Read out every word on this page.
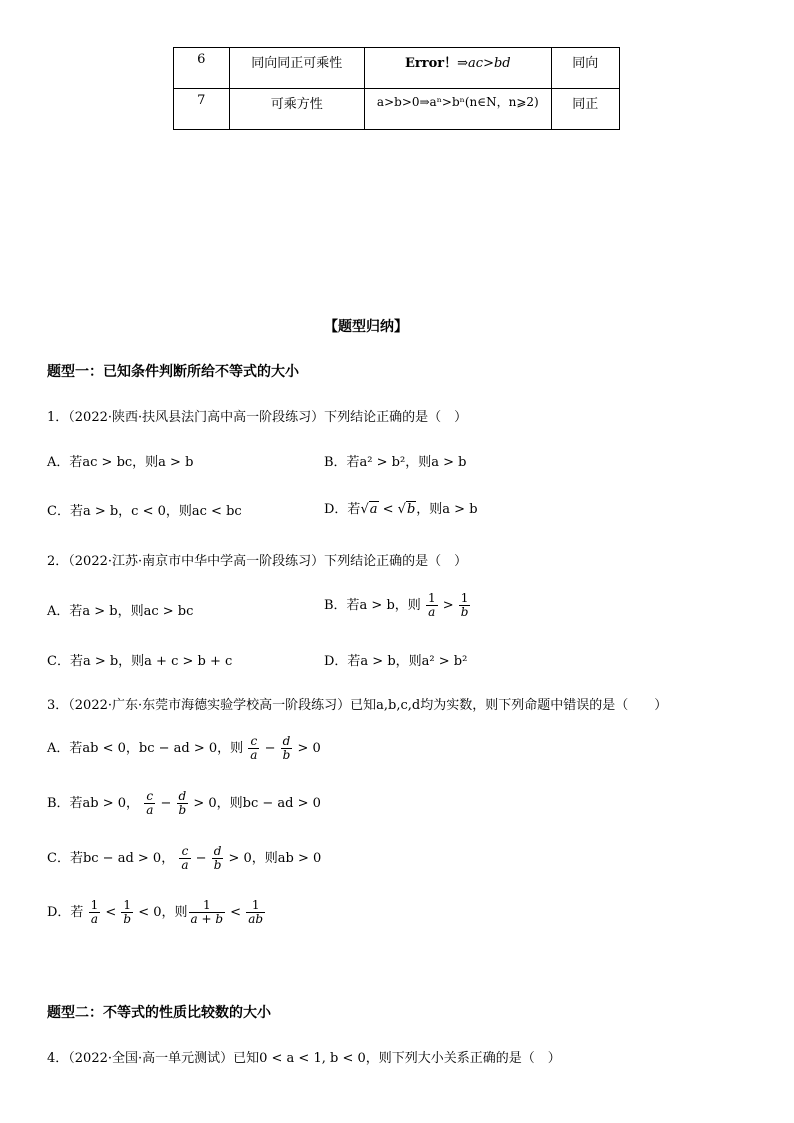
6	同向同正可乘性	Error！⇒ac>bd	同向
7	可乘方性	a>b>0⇒aⁿ>bⁿ(n∈N，n⩾2)	同正
【题型归纳】
题型一：已知条件判断所给不等式的大小
1．（2022·陕西·扶风县法门高中高一阶段练习）下列结论正确的是（　）
A．若ac > bc，则a > b	B．若a² > b²，则a > b
C．若a > b，c < 0，则ac < bc	D．若√a < √b，则a > b
2．（2022·江苏·南京市中华中学高一阶段练习）下列结论正确的是（　）
A．若a > b，则ac > bc	B．若a > b，则 $\frac{1}{a} > \frac{1}{b}$
C．若a > b，则a + c > b + c	D．若a > b，则a² > b²
3．（2022·广东·东莞市海德实验学校高一阶段练习）已知a,b,c,d均为实数，则下列命题中错误的是（　　）
A．若ab < 0，bc − ad > 0，则 $\frac{c}{a} - \frac{d}{b} > 0$
B．若ab > 0， $\frac{c}{a} - \frac{d}{b} > 0$，则bc − ad > 0
C．若bc − ad > 0， $\frac{c}{a} - \frac{d}{b} > 0$，则ab > 0
D．若 $\frac{1}{a} < \frac{1}{b} < 0$，则 $\frac{1}{a + b} < \frac{1}{ab}$
题型二：不等式的性质比较数的大小
4．（2022·全国·高一单元测试）已知0 < a < 1, b < 0，则下列大小关系正确的是（　）
